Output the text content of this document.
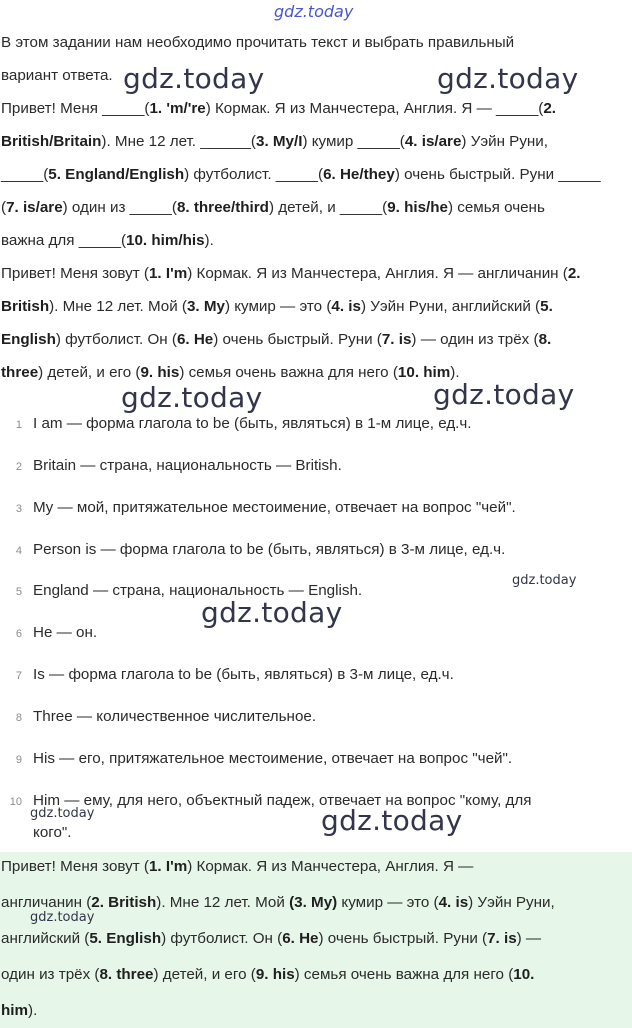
gdz.today
В этом задании нам необходимо прочитать текст и выбрать правильный
вариант ответа.
Привет! Меня _____(1. 'm/'re) Кормак. Я из Манчестера, Англия. Я — _____(2.
British/Britain). Мне 12 лет. ______(3. My/I) кумир _____(4. is/are) Уэйн Руни,
_____(5. England/English) футболист. _____(6. He/they) очень быстрый. Руни _____
(7. is/are) один из _____(8. three/third) детей, и _____(9. his/he) семья очень
важна для _____(10. him/his).
Привет! Меня зовут (1. I'm) Кормак. Я из Манчестера, Англия. Я — англичанин (2.
British). Мне 12 лет. Мой (3. My) кумир — это (4. is) Уэйн Руни, английский (5.
English) футболист. Он (6. He) очень быстрый. Руни (7. is) — один из трёх (8.
three) детей, и его (9. his) семья очень важна для него (10. him).
1 I am — форма глагола to be (быть, являться) в 1-м лице, ед.ч.
2 Britain — страна, национальность — British.
3 My — мой, притяжательное местоимение, отвечает на вопрос "чей".
4 Person is — форма глагола to be (быть, являться) в 3-м лице, ед.ч.
5 England — страна, национальность — English.
6 He — он.
7 Is — форма глагола to be (быть, являться) в 3-м лице, ед.ч.
8 Three — количественное числительное.
9 His — его, притяжательное местоимение, отвечает на вопрос "чей".
10 Him — ему, для него, объектный падеж, отвечает на вопрос "кому, для
кого".
Привет! Меня зовут (1. I'm) Кормак. Я из Манчестера, Англия. Я —
англичанин (2. British). Мне 12 лет. Мой (3. My) кумир — это (4. is) Уэйн Руни,
английский (5. English) футболист. Он (6. He) очень быстрый. Руни (7. is) —
один из трёх (8. three) детей, и его (9. his) семья очень важна для него (10.
him).
gdz.today	gdz.today
gdz.today	gdz.today
gdz.today
gdz.today
gdz.today	gdz.today
gdz.today
